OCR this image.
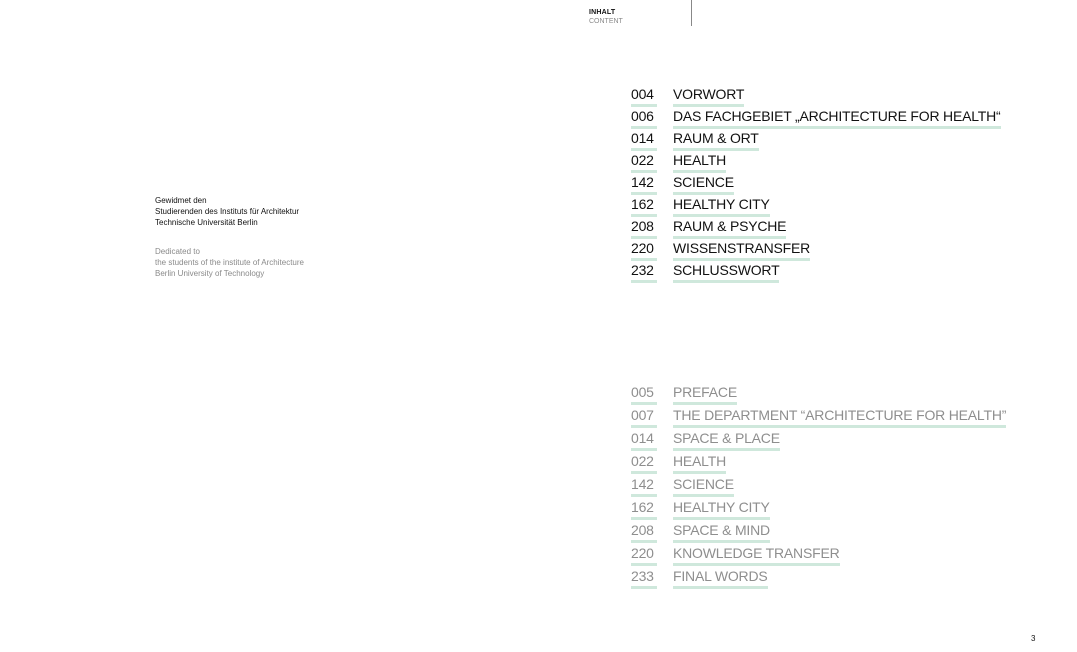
INHALT
CONTENT

Gewidmet den

Studierenden des Instituts für Architektur

Technische Universität Berlin

Dedicated to

the students of the institute of Architecture

Berlin University of Technology

004 VORWORT
006 DAS FACHGEBIET „ARCHITECTURE FOR HEALTH“
014 RAUM & ORT
022 HEALTH
142 SCIENCE
162 HEALTHY CITY
208 RAUM & PSYCHE
220 WISSENSTRANSFER
232 SCHLUSSWORT
005 PREFACE
007 THE DEPARTMENT “ARCHITECTURE FOR HEALTH”
014 SPACE & PLACE
022 HEALTH
142 SCIENCE
162 HEALTHY CITY
208 SPACE & MIND
220 KNOWLEDGE TRANSFER
233 FINAL WORDS
3
